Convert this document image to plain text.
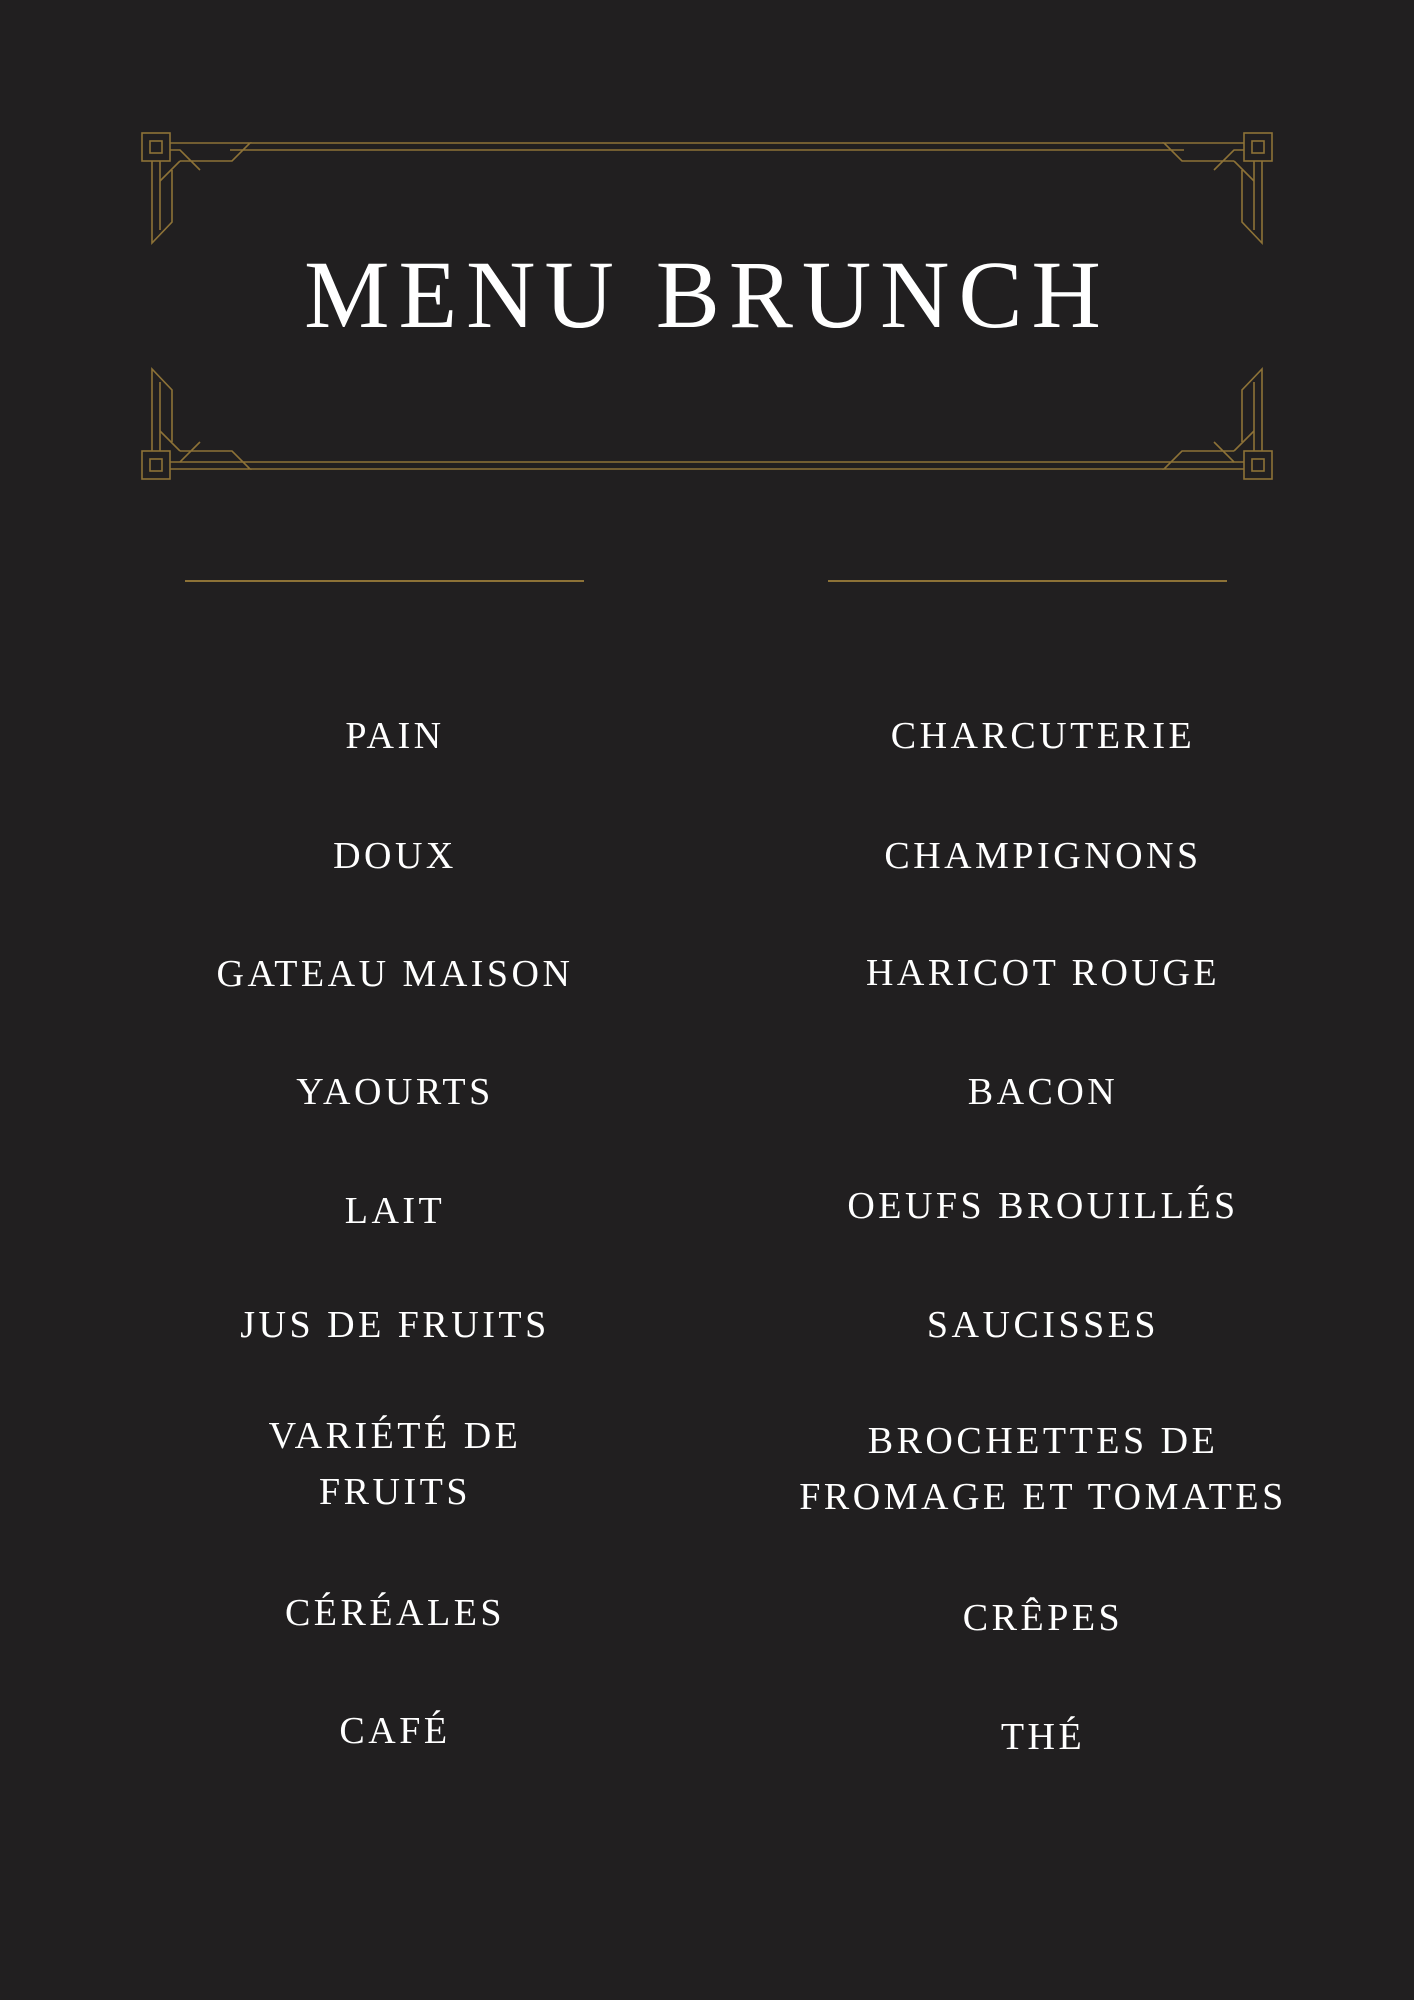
MENU BRUNCH
PAIN
DOUX
GATEAU MAISON
YAOURTS
LAIT
JUS DE FRUITS
VARIÉTÉ DE
FRUITS
CÉRÉALES
CAFÉ
CHARCUTERIE
CHAMPIGNONS
HARICOT ROUGE
BACON
OEUFS BROUILLÉS
SAUCISSES
BROCHETTES DE
FROMAGE ET TOMATES
CRÊPES
THÉ
